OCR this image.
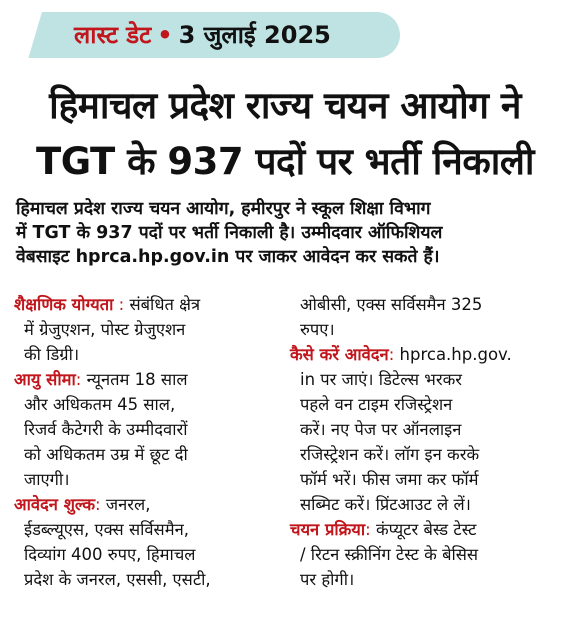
लास्ट डेट • 3 जुलाई 2025
हिमाचल प्रदेश राज्य चयन आयोग ने
TGT के 937 पदों पर भर्ती निकाली
हिमाचल प्रदेश राज्य चयन आयोग, हमीरपुर ने स्कूल शिक्षा विभाग
में TGT के 937 पदों पर भर्ती निकाली है। उम्मीदवार ऑफिशियल
वेबसाइट hprca.hp.gov.in पर जाकर आवेदन कर सकते हैं।
शैक्षणिक योग्यता : संबंधित क्षेत्र
में ग्रेजुएशन, पोस्ट ग्रेजुएशन
की डिग्री।
आयु सीमा: न्यूनतम 18 साल
और अधिकतम 45 साल,
रिजर्व कैटेगरी के उम्मीदवारों
को अधिकतम उम्र में छूट दी
जाएगी।
आवेदन शुल्क: जनरल,
ईडब्ल्यूएस, एक्स सर्विसमैन,
दिव्यांग 400 रुपए, हिमाचल
प्रदेश के जनरल, एससी, एसटी,
ओबीसी, एक्स सर्विसमैन 325
रुपए।
कैसे करें आवेदन: hprca.hp.gov.
in पर जाएं। डिटेल्स भरकर
पहले वन टाइम रजिस्ट्रेशन
करें। नए पेज पर ऑनलाइन
रजिस्ट्रेशन करें। लॉग इन करके
फॉर्म भरें। फीस जमा कर फॉर्म
सब्मिट करें। प्रिंटआउट ले लें।
चयन प्रक्रिया: कंप्यूटर बेस्ड टेस्ट
/ रिटन स्क्रीनिंग टेस्ट के बेसिस
पर होगी।
